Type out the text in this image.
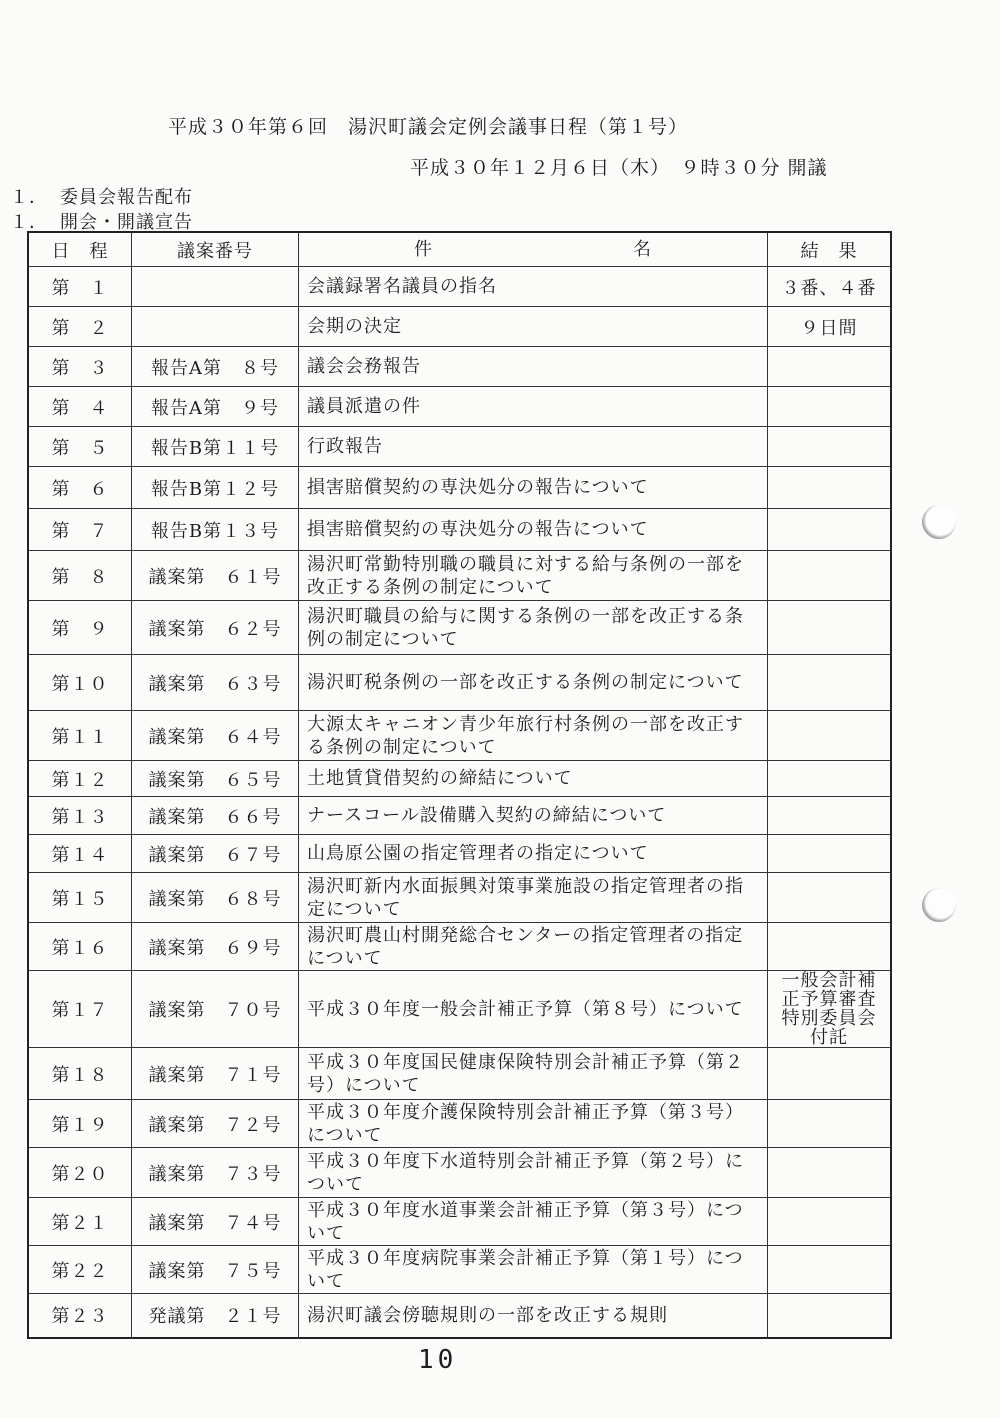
平成３０年第６回　湯沢町議会定例会議事日程（第１号）
平成３０年１２月６日（木）　９時３０分 開議
１． 委員会報告配布
１． 開会・開議宣告
日　程	議案番号	件 名	結　果
第　１		会議録署名議員の指名	３番、４番
第　２		会期の決定	９日間
第　３	報告A第　８号	議会会務報告	
第　４	報告A第　９号	議員派遣の件	
第　５	報告B第１１号	行政報告	
第　６	報告B第１２号	損害賠償契約の専決処分の報告について	
第　７	報告B第１３号	損害賠償契約の専決処分の報告について	
第　８	議案第　６１号	湯沢町常勤特別職の職員に対する給与条例の一部を改正する条例の制定について	
第　９	議案第　６２号	湯沢町職員の給与に関する条例の一部を改正する条例の制定について	
第１０	議案第　６３号	湯沢町税条例の一部を改正する条例の制定について	
第１１	議案第　６４号	大源太キャニオン青少年旅行村条例の一部を改正する条例の制定について	
第１２	議案第　６５号	土地賃貸借契約の締結について	
第１３	議案第　６６号	ナースコール設備購入契約の締結について	
第１４	議案第　６７号	山鳥原公園の指定管理者の指定について	
第１５	議案第　６８号	湯沢町新内水面振興対策事業施設の指定管理者の指定について	
第１６	議案第　６９号	湯沢町農山村開発総合センターの指定管理者の指定について	
第１７	議案第　７０号	平成３０年度一般会計補正予算（第８号）について	一般会計補正予算審査特別委員会付託
第１８	議案第　７１号	平成３０年度国民健康保険特別会計補正予算（第２号）について	
第１９	議案第　７２号	平成３０年度介護保険特別会計補正予算（第３号）について	
第２０	議案第　７３号	平成３０年度下水道特別会計補正予算（第２号）について	
第２１	議案第　７４号	平成３０年度水道事業会計補正予算（第３号）について	
第２２	議案第　７５号	平成３０年度病院事業会計補正予算（第１号）について	
第２３	発議第　２１号	湯沢町議会傍聴規則の一部を改正する規則	
10
